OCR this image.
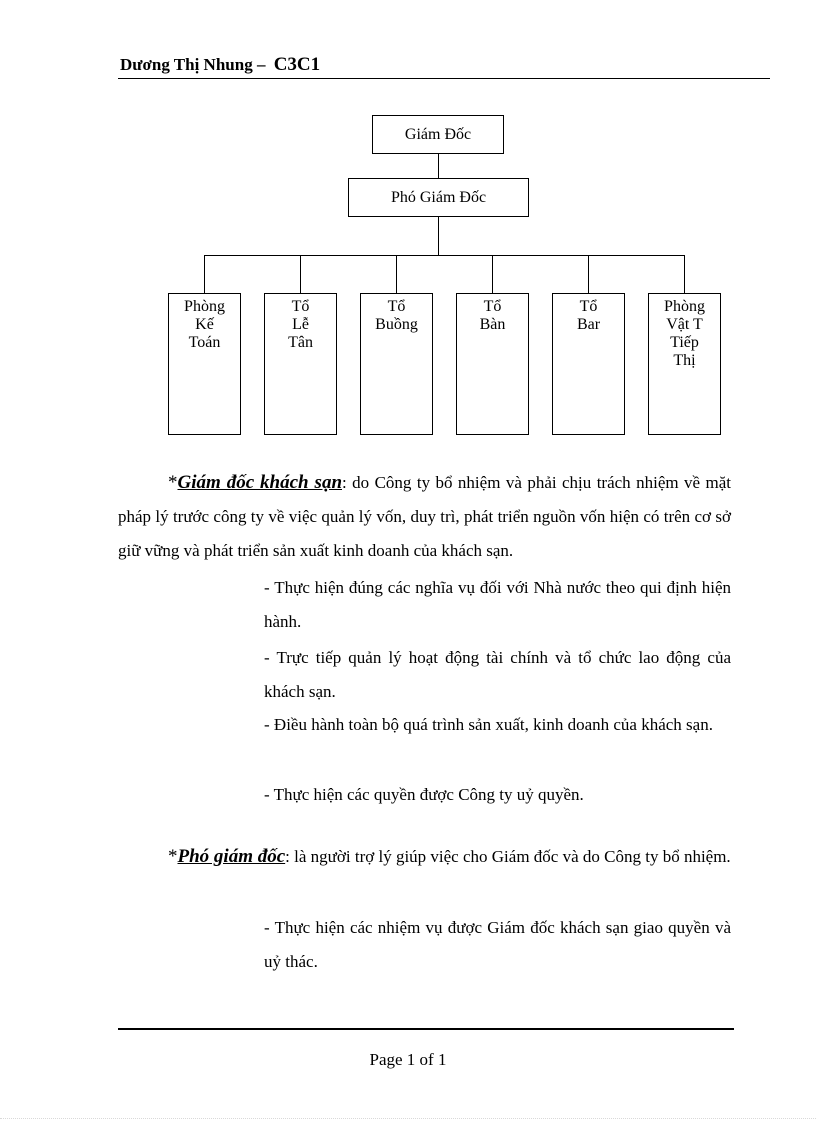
Dương Thị Nhung – C3C1
Giám Đốc
Phó Giám Đốc
Phòng
Kế
Toán
Tổ
Lễ
Tân
Tổ
Buồng
Tổ
Bàn
Tổ
Bar
Phòng
Vật T
Tiếp
Thị
*Giám đốc khách sạn: do Công ty bổ nhiệm và phải chịu trách nhiệm về mặt pháp lý trước công ty về việc quản lý vốn, duy trì, phát triển nguồn vốn hiện có trên cơ sở giữ vững và phát triển sản xuất kinh doanh của khách sạn.
- Thực hiện đúng các nghĩa vụ đối với Nhà nước theo qui định hiện hành.
- Trực tiếp quản lý hoạt động tài chính và tổ chức lao động của khách sạn.
- Điều hành toàn bộ quá trình sản xuất, kinh doanh của khách sạn.
- Thực hiện các quyền được Công ty uỷ quyền.
*Phó giám đốc: là người trợ lý giúp việc cho Giám đốc và do Công ty bổ nhiệm.
- Thực hiện các nhiệm vụ được Giám đốc khách sạn giao quyền và uỷ thác.
Page 1 of 1
